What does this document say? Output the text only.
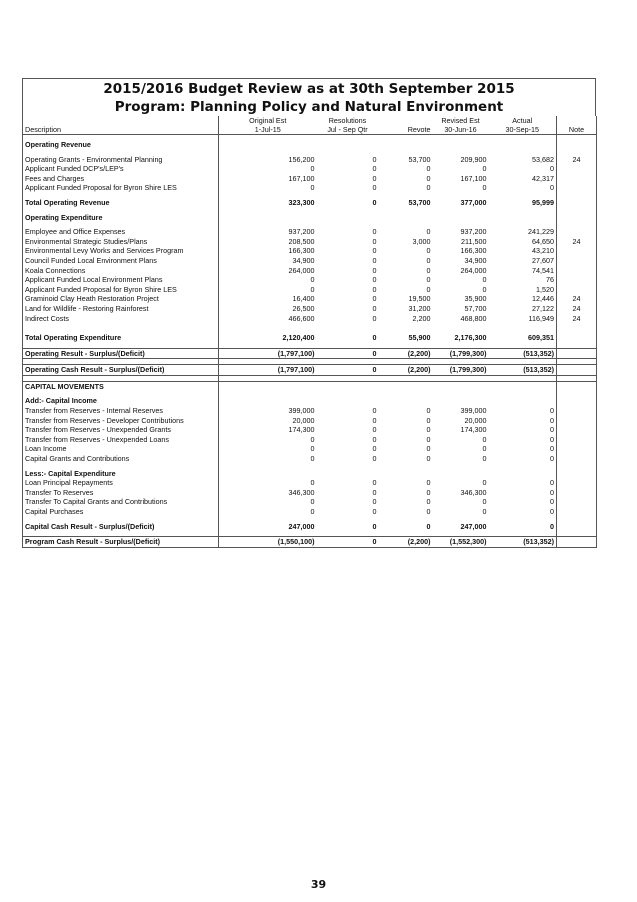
2015/2016 Budget Review as at 30th September 2015
Program: Planning Policy and Natural Environment
	Original Est	Resolutions		Revised Est	Actual	
Description	1-Jul-15	Jul - Sep Qtr	Revote	30-Jun-16	30-Sep-15	Note

Operating Revenue						

Operating Grants - Environmental Planning	156,200	0	53,700	209,900	53,682	24
Applicant Funded DCP's/LEP's	0	0	0	0	0	
Fees and Charges	167,100	0	0	167,100	42,317	
Applicant Funded Proposal for Byron Shire LES	0	0	0	0	0	

Total Operating Revenue	323,300	0	53,700	377,000	95,999	

Operating Expenditure						

Employee and Office Expenses	937,200	0	0	937,200	241,229	
Environmental Strategic Studies/Plans	208,500	0	3,000	211,500	64,650	24
Environmental Levy Works and Services Program	166,300	0	0	166,300	43,210	
Council Funded Local Environment Plans	34,900	0	0	34,900	27,607	
Koala Connections	264,000	0	0	264,000	74,541	
Applicant Funded Local Environment Plans	0	0	0	0	76	
Applicant Funded Proposal for Byron Shire LES	0	0	0	0	1,520	
Graminoid Clay Heath Restoration Project	16,400	0	19,500	35,900	12,446	24
Land for Wildlife - Restoring Rainforest	26,500	0	31,200	57,700	27,122	24
Indirect Costs	466,600	0	2,200	468,800	116,949	24

Total Operating Expenditure	2,120,400	0	55,900	2,176,300	609,351	

Operating Result - Surplus/(Deficit)	(1,797,100)	0	(2,200)	(1,799,300)	(513,352)	

Operating Cash Result - Surplus/(Deficit)	(1,797,100)	0	(2,200)	(1,799,300)	(513,352)	

CAPITAL MOVEMENTS						

Add:- Capital Income						
Transfer from Reserves - Internal Reserves	399,000	0	0	399,000	0	
Transfer from Reserves - Developer Contributions	20,000	0	0	20,000	0	
Transfer from Reserves - Unexpended Grants	174,300	0	0	174,300	0	
Transfer from Reserves - Unexpended Loans	0	0	0	0	0	
Loan Income	0	0	0	0	0	
Capital Grants and Contributions	0	0	0	0	0	

Less:- Capital Expenditure						
Loan Principal Repayments	0	0	0	0	0	
Transfer To Reserves	346,300	0	0	346,300	0	
Transfer To Capital Grants and Contributions	0	0	0	0	0	
Capital Purchases	0	0	0	0	0	

Capital Cash Result - Surplus/(Deficit)	247,000	0	0	247,000	0	

Program Cash Result - Surplus/(Deficit)	(1,550,100)	0	(2,200)	(1,552,300)	(513,352)	
39
